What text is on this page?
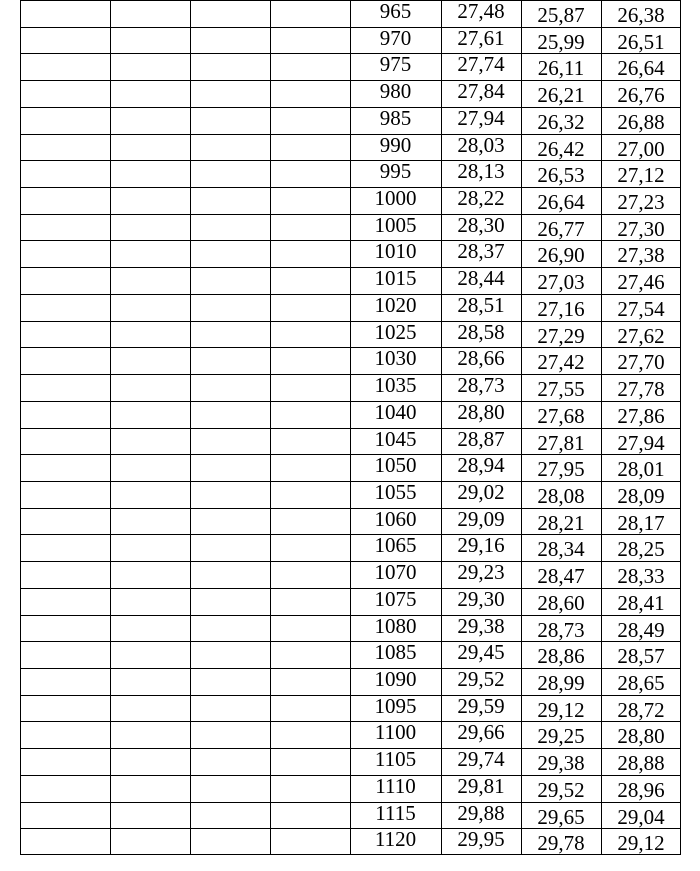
965	27,48	25,87	26,38
970	27,61	25,99	26,51
975	27,74	26,11	26,64
980	27,84	26,21	26,76
985	27,94	26,32	26,88
990	28,03	26,42	27,00
995	28,13	26,53	27,12
1000	28,22	26,64	27,23
1005	28,30	26,77	27,30
1010	28,37	26,90	27,38
1015	28,44	27,03	27,46
1020	28,51	27,16	27,54
1025	28,58	27,29	27,62
1030	28,66	27,42	27,70
1035	28,73	27,55	27,78
1040	28,80	27,68	27,86
1045	28,87	27,81	27,94
1050	28,94	27,95	28,01
1055	29,02	28,08	28,09
1060	29,09	28,21	28,17
1065	29,16	28,34	28,25
1070	29,23	28,47	28,33
1075	29,30	28,60	28,41
1080	29,38	28,73	28,49
1085	29,45	28,86	28,57
1090	29,52	28,99	28,65
1095	29,59	29,12	28,72
1100	29,66	29,25	28,80
1105	29,74	29,38	28,88
1110	29,81	29,52	28,96
1115	29,88	29,65	29,04
1120	29,95	29,78	29,12
